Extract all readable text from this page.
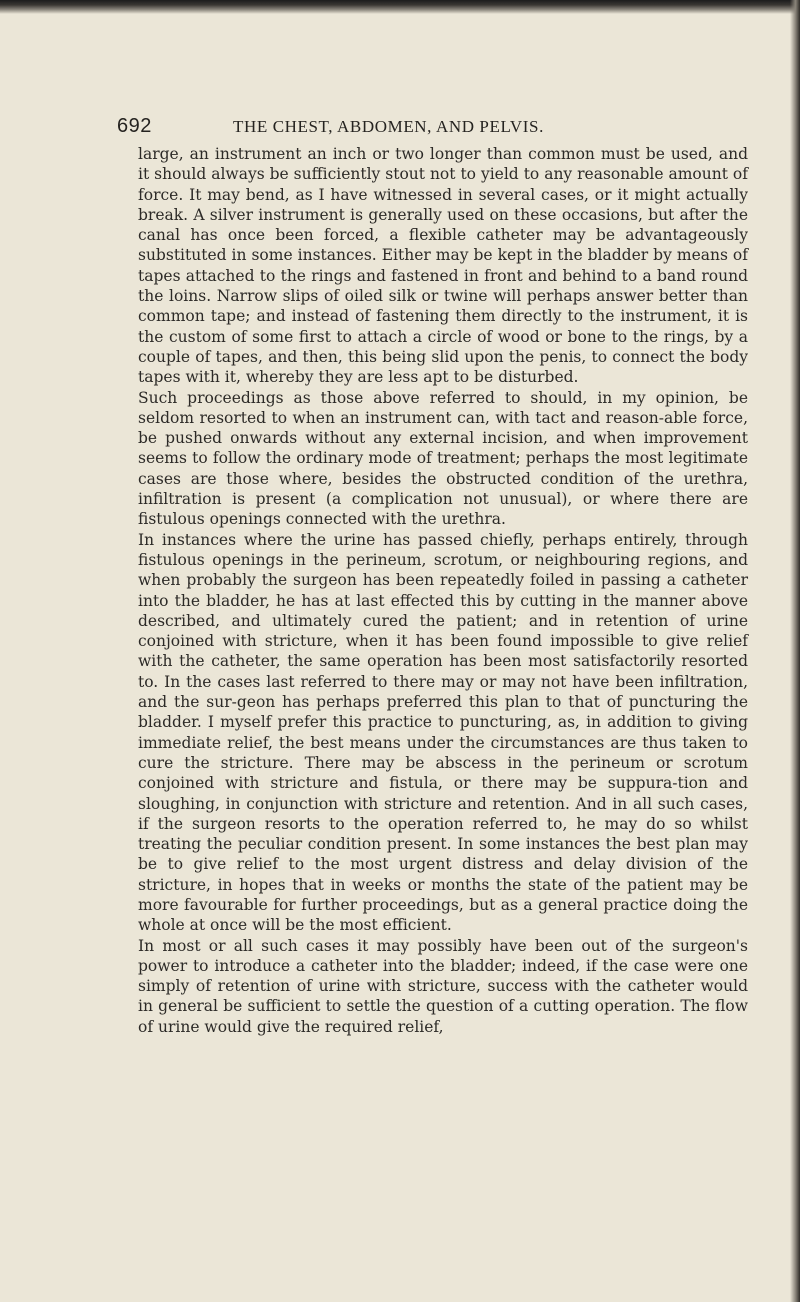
692	THE CHEST, ABDOMEN, AND PELVIS.

large, an instrument an inch or two longer than common must be used, and it should always be sufficiently stout not to yield to any reasonable amount of force. It may bend, as I have witnessed in several cases, or it might actually break. A silver instrument is generally used on these occasions, but after the canal has once been forced, a flexible catheter may be advantageously substituted in some instances. Either may be kept in the bladder by means of tapes attached to the rings and fastened in front and behind to a band round the loins. Narrow slips of oiled silk or twine will perhaps answer better than common tape; and instead of fastening them directly to the instrument, it is the custom of some first to attach a circle of wood or bone to the rings, by a couple of tapes, and then, this being slid upon the penis, to connect the body tapes with it, whereby they are less apt to be disturbed.

Such proceedings as those above referred to should, in my opinion, be seldom resorted to when an instrument can, with tact and reason-able force, be pushed onwards without any external incision, and when improvement seems to follow the ordinary mode of treatment; perhaps the most legitimate cases are those where, besides the obstructed condition of the urethra, infiltration is present (a complication not unusual), or where there are fistulous openings connected with the urethra.

In instances where the urine has passed chiefly, perhaps entirely, through fistulous openings in the perineum, scrotum, or neighbouring regions, and when probably the surgeon has been repeatedly foiled in passing a catheter into the bladder, he has at last effected this by cutting in the manner above described, and ultimately cured the patient; and in retention of urine conjoined with stricture, when it has been found impossible to give relief with the catheter, the same operation has been most satisfactorily resorted to. In the cases last referred to there may or may not have been infiltration, and the sur-geon has perhaps preferred this plan to that of puncturing the bladder. I myself prefer this practice to puncturing, as, in addition to giving immediate relief, the best means under the circumstances are thus taken to cure the stricture. There may be abscess in the perineum or scrotum conjoined with stricture and fistula, or there may be suppura-tion and sloughing, in conjunction with stricture and retention. And in all such cases, if the surgeon resorts to the operation referred to, he may do so whilst treating the peculiar condition present. In some instances the best plan may be to give relief to the most urgent distress and delay division of the stricture, in hopes that in weeks or months the state of the patient may be more favourable for further proceedings, but as a general practice doing the whole at once will be the most efficient.

In most or all such cases it may possibly have been out of the surgeon's power to introduce a catheter into the bladder; indeed, if the case were one simply of retention of urine with stricture, success with the catheter would in general be sufficient to settle the question of a cutting operation. The flow of urine would give the required relief,
